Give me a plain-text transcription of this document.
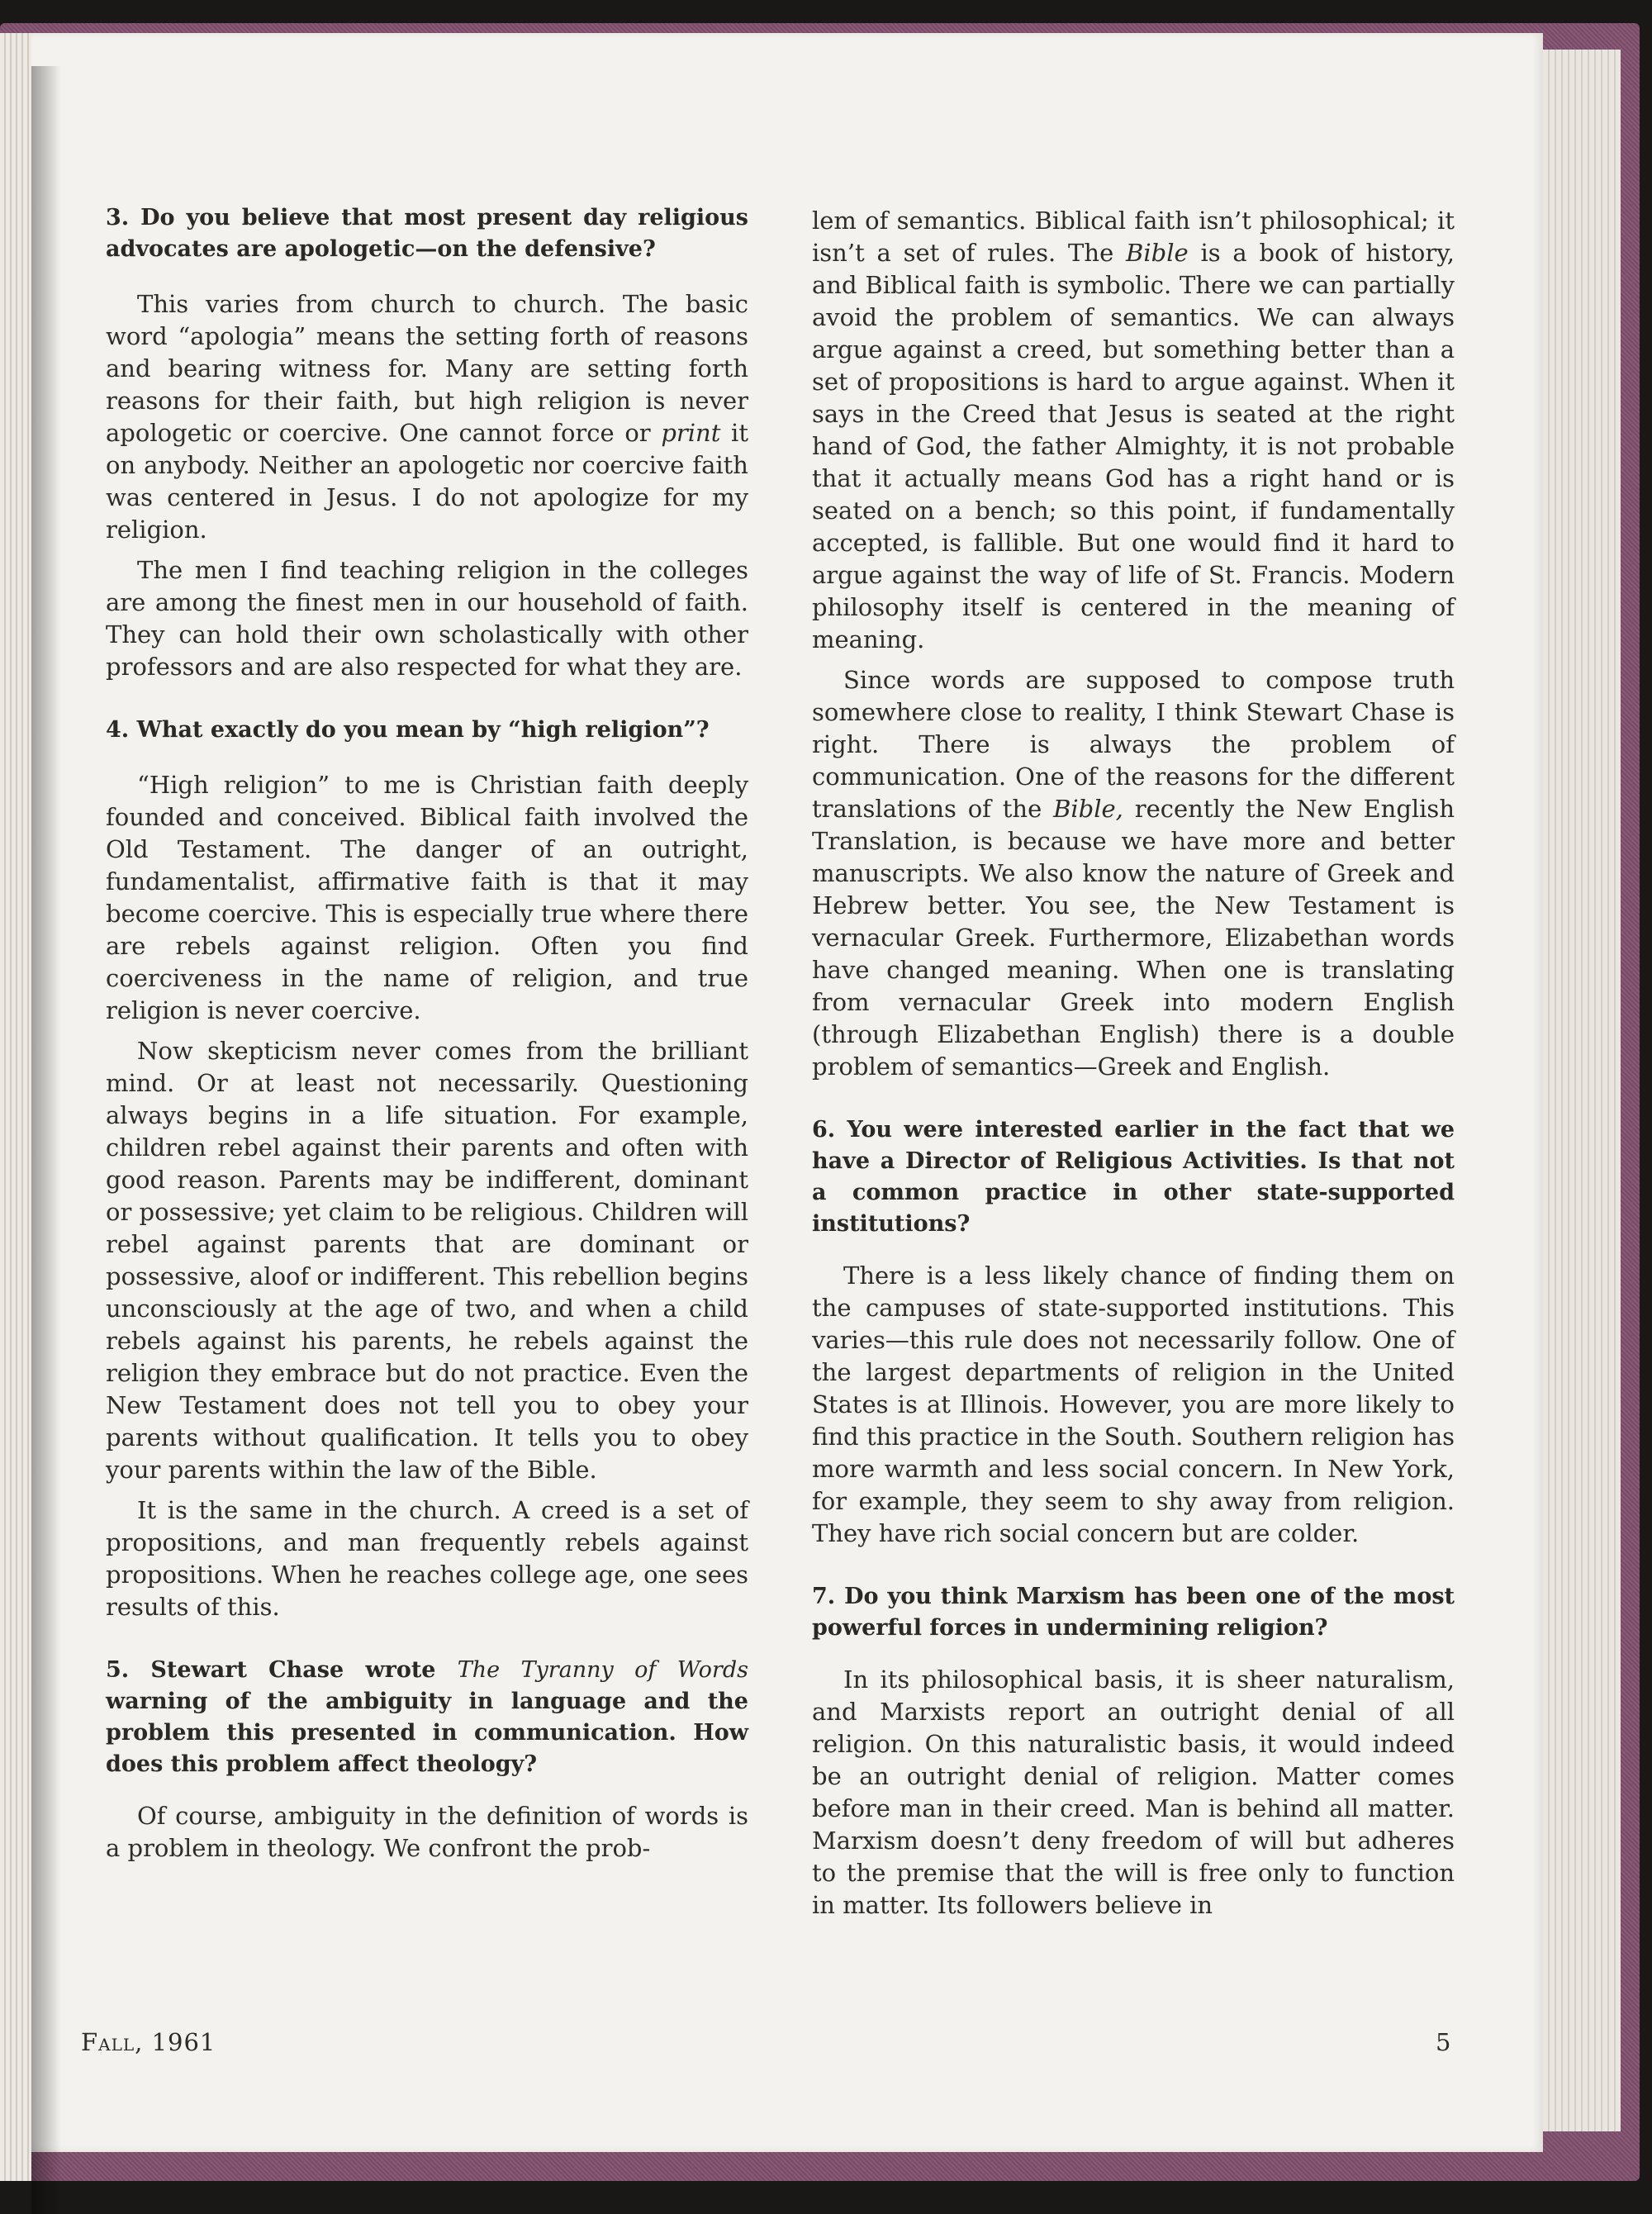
3. Do you believe that most present day religious advocates are apologetic—on the defensive?

This varies from church to church. The basic word “apologia” means the setting forth of reasons and bearing witness for. Many are setting forth reasons for their faith, but high religion is never apologetic or coercive. One cannot force or print it on anybody. Neither an apologetic nor coercive faith was centered in Jesus. I do not apologize for my religion.

The men I find teaching religion in the colleges are among the finest men in our household of faith. They can hold their own scholastically with other professors and are also respected for what they are.

4. What exactly do you mean by “high religion”?

“High religion” to me is Christian faith deeply founded and conceived. Biblical faith involved the Old Testament. The danger of an outright, fundamentalist, affirmative faith is that it may become coercive. This is especially true where there are rebels against religion. Often you find coerciveness in the name of religion, and true religion is never coercive.

Now skepticism never comes from the brilliant mind. Or at least not necessarily. Questioning always begins in a life situation. For example, children rebel against their parents and often with good reason. Parents may be indifferent, dominant or possessive; yet claim to be religious. Children will rebel against parents that are dominant or possessive, aloof or indifferent. This rebellion begins unconsciously at the age of two, and when a child rebels against his parents, he rebels against the religion they embrace but do not practice. Even the New Testament does not tell you to obey your parents without qualification. It tells you to obey your parents within the law of the Bible.

It is the same in the church. A creed is a set of propositions, and man frequently rebels against propositions. When he reaches college age, one sees results of this.

5. Stewart Chase wrote The Tyranny of Words warning of the ambiguity in language and the problem this presented in communication. How does this problem affect theology?

Of course, ambiguity in the definition of words is a problem in theology. We confront the prob-

lem of semantics. Biblical faith isn’t philosophical; it isn’t a set of rules. The Bible is a book of history, and Biblical faith is symbolic. There we can partially avoid the problem of semantics. We can always argue against a creed, but something better than a set of propositions is hard to argue against. When it says in the Creed that Jesus is seated at the right hand of God, the father Almighty, it is not probable that it actually means God has a right hand or is seated on a bench; so this point, if fundamentally accepted, is fallible. But one would find it hard to argue against the way of life of St. Francis. Modern philosophy itself is centered in the meaning of meaning.

Since words are supposed to compose truth somewhere close to reality, I think Stewart Chase is right. There is always the problem of communication. One of the reasons for the different translations of the Bible, recently the New English Translation, is because we have more and better manuscripts. We also know the nature of Greek and Hebrew better. You see, the New Testament is vernacular Greek. Furthermore, Elizabethan words have changed meaning. When one is translating from vernacular Greek into modern English (through Elizabethan English) there is a double problem of semantics—Greek and English.

6. You were interested earlier in the fact that we have a Director of Religious Activities. Is that not a common practice in other state-supported institutions?

There is a less likely chance of finding them on the campuses of state-supported institutions. This varies—this rule does not necessarily follow. One of the largest departments of religion in the United States is at Illinois. However, you are more likely to find this practice in the South. Southern religion has more warmth and less social concern. In New York, for example, they seem to shy away from religion. They have rich social concern but are colder.

7. Do you think Marxism has been one of the most powerful forces in undermining religion?

In its philosophical basis, it is sheer naturalism, and Marxists report an outright denial of all religion. On this naturalistic basis, it would indeed be an outright denial of religion. Matter comes before man in their creed. Man is behind all matter. Marxism doesn’t deny freedom of will but adheres to the premise that the will is free only to function in matter. Its followers believe in

Fall, 1961	5
